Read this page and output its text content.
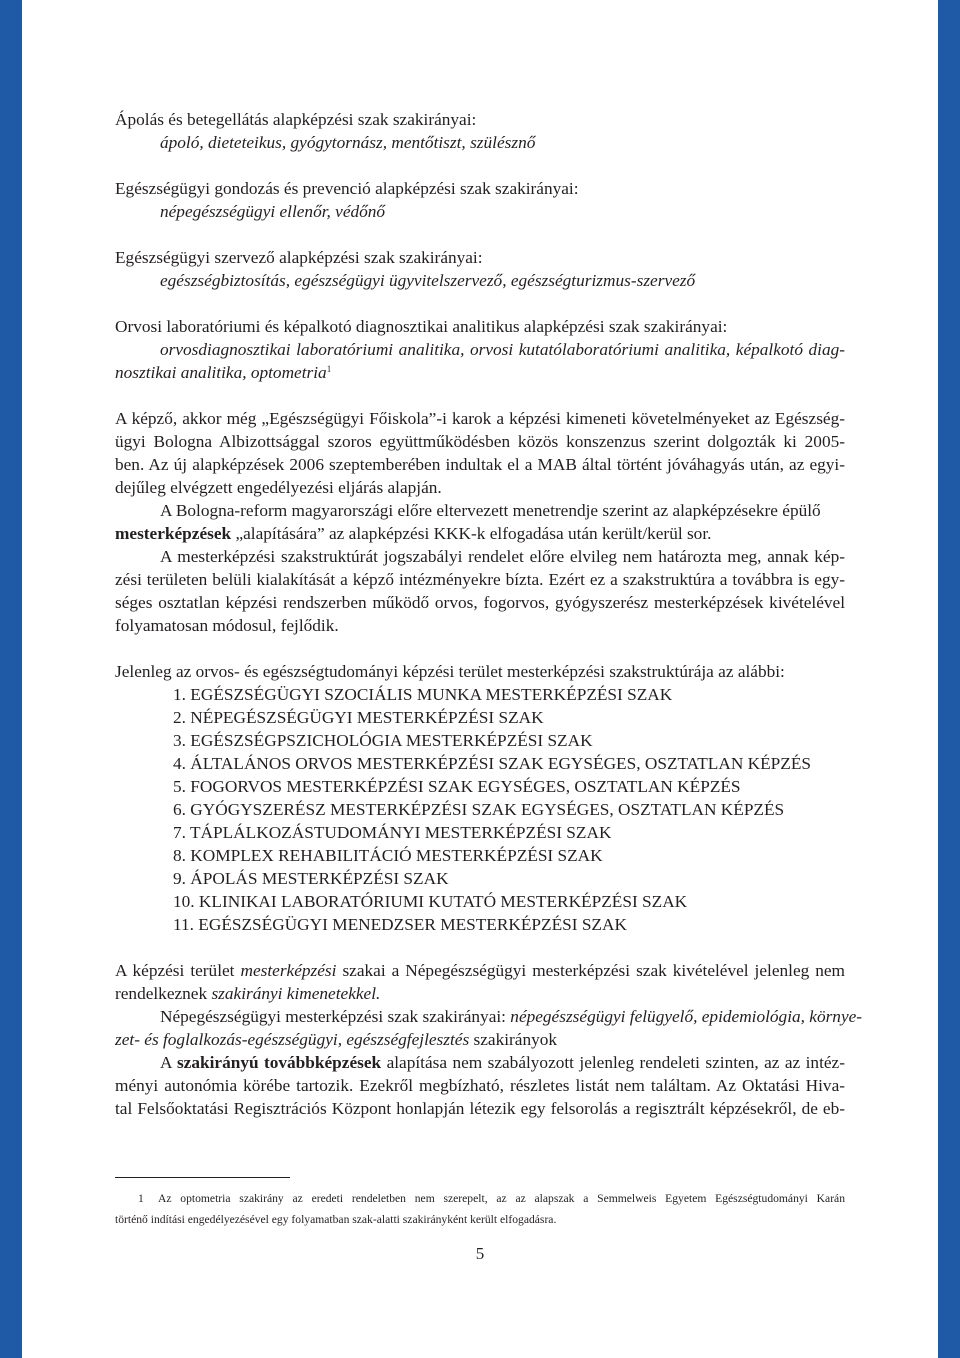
Ápolás és betegellátás alapképzési szak szakirányai:
ápoló, dieteteikus, gyógytornász, mentőtiszt, szülésznő
Egészségügyi gondozás és prevenció alapképzési szak szakirányai:
népegészségügyi ellenőr, védőnő
Egészségügyi szervező alapképzési szak szakirányai:
egészségbiztosítás, egészségügyi ügyvitelszervező, egészségturizmus-szervező
Orvosi laboratóriumi és képalkotó diagnosztikai analitikus alapképzési szak szakirányai:
orvosdiagnosztikai laboratóriumi analitika, orvosi kutatólaboratóriumi analitika, képalkotó diag-
nosztikai analitika, optometria$^1$
A képző, akkor még „Egészségügyi Főiskola”-i karok a képzési kimeneti követelményeket az Egészség-
ügyi Bologna Albizottsággal szoros együttműködésben közös konszenzus szerint dolgozták ki 2005-
ben. Az új alapképzések 2006 szeptemberében indultak el a MAB által történt jóváhagyás után, az egyi-
dejűleg elvégzett engedélyezési eljárás alapján.
A Bologna-reform magyarországi előre eltervezett menetrendje szerint az alapképzésekre épülő
mesterképzések „alapítására” az alapképzési KKK-k elfogadása után került/kerül sor.
A mesterképzési szakstruktúrát jogszabályi rendelet előre elvileg nem határozta meg, annak kép-
zési területen belüli kialakítását a képző intézményekre bízta. Ezért ez a szakstruktúra a továbbra is egy-
séges osztatlan képzési rendszerben működő orvos, fogorvos, gyógyszerész mesterképzések kivételével
folyamatosan módosul, fejlődik.
Jelenleg az orvos- és egészségtudományi képzési terület mesterképzési szakstruktúrája az alábbi:
1. EGÉSZSÉGÜGYI SZOCIÁLIS MUNKA MESTERKÉPZÉSI SZAK
2. NÉPEGÉSZSÉGÜGYI MESTERKÉPZÉSI SZAK
3. EGÉSZSÉGPSZICHOLÓGIA MESTERKÉPZÉSI SZAK
4. ÁLTALÁNOS ORVOS MESTERKÉPZÉSI SZAK EGYSÉGES, OSZTATLAN KÉPZÉS
5. FOGORVOS MESTERKÉPZÉSI SZAK EGYSÉGES, OSZTATLAN KÉPZÉS
6. GYÓGYSZERÉSZ MESTERKÉPZÉSI SZAK EGYSÉGES, OSZTATLAN KÉPZÉS
7. TÁPLÁLKOZÁSTUDOMÁNYI MESTERKÉPZÉSI SZAK
8. KOMPLEX REHABILITÁCIÓ MESTERKÉPZÉSI SZAK
9. ÁPOLÁS MESTERKÉPZÉSI SZAK
10. KLINIKAI LABORATÓRIUMI KUTATÓ MESTERKÉPZÉSI SZAK
11. EGÉSZSÉGÜGYI MENEDZSER MESTERKÉPZÉSI SZAK
A képzési terület mesterképzési szakai a Népegészségügyi mesterképzési szak kivételével jelenleg nem
rendelkeznek szakirányi kimenetekkel.
Népegészségügyi mesterképzési szak szakirányai: népegészségügyi felügyelő, epidemiológia, környe-
zet- és foglalkozás-egészségügyi, egészségfejlesztés szakirányok
A szakirányú továbbképzések alapítása nem szabályozott jelenleg rendeleti szinten, az az intéz-
ményi autonómia körébe tartozik. Ezekről megbízható, részletes listát nem találtam. Az Oktatási Hiva-
tal Felsőoktatási Regisztrációs Központ honlapján létezik egy felsorolás a regisztrált képzésekről, de eb-
1 Az optometria szakirány az eredeti rendeletben nem szerepelt, az az alapszak a Semmelweis Egyetem Egészségtudományi Karán
történő indítási engedélyezésével egy folyamatban szak-alatti szakirányként került elfogadásra.
5
